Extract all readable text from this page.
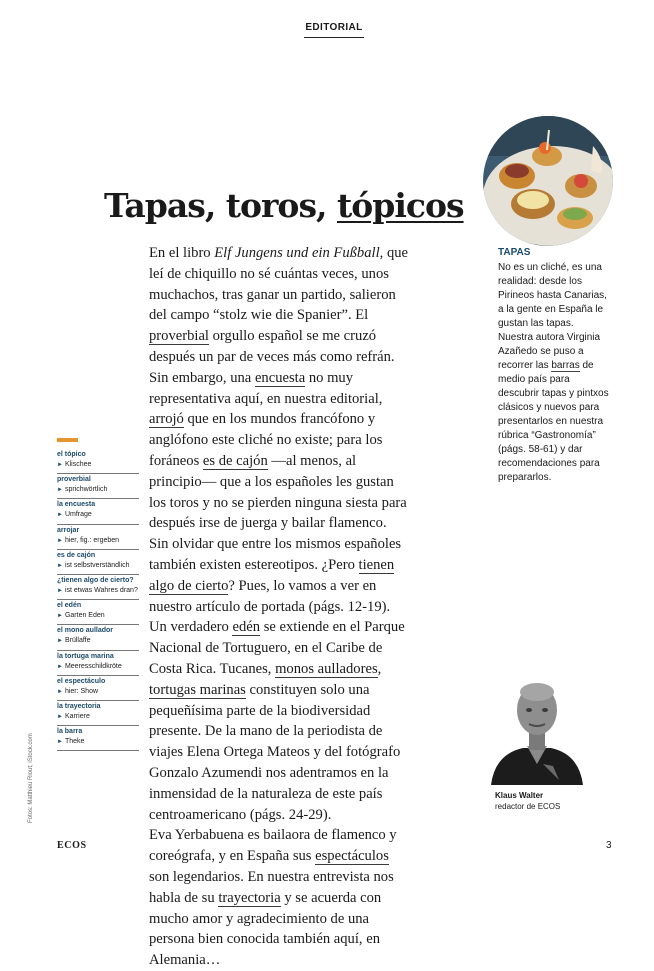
EDITORIAL
Tapas, toros, tópicos

En el libro Elf Jungens und ein Fußball, que leí de chiquillo no sé cuántas veces, unos muchachos, tras ganar un partido, salieron del campo “stolz wie die Spanier”. El proverbial orgullo español se me cruzó después un par de veces más como refrán. Sin embargo, una encuesta no muy representativa aquí, en nuestra editorial, arrojó que en los mundos francófono y anglófono este cliché no existe; para los foráneos es de cajón —al menos, al principio— que a los españoles les gustan los toros y no se pierden ninguna siesta para después irse de juerga y bailar flamenco.

Sin olvidar que entre los mismos españoles también existen estereotipos. ¿Pero tienen algo de cierto? Pues, lo vamos a ver en nuestro artículo de portada (págs. 12-19).

Un verdadero edén se extiende en el Parque Nacional de Tortuguero, en el Caribe de Costa Rica. Tucanes, monos aulladores, tortugas marinas constituyen solo una pequeñísima parte de la biodiversidad presente. De la mano de la periodista de viajes Elena Ortega Mateos y del fotógrafo Gonzalo Azumendi nos adentramos en la inmensidad de la naturaleza de este país centroamericano (págs. 24-29).

Eva Yerbabuena es bailaora de flamenco y coreógrafa, y en España sus espectáculos son legendarios. En nuestra entrevista nos habla de su trayectoria y se acuerda con mucho amor y agradecimiento de una persona bien conocida también aquí, en Alemania…

TAPAS

No es un cliché, es una realidad: desde los Pirineos hasta Canarias, a la gente en España le gustan las tapas. Nuestra autora Virginia Azañedo se puso a recorrer las barras de medio país para descubrir tapas y pintxos clásicos y nuevos para presentarlos en nuestra rúbrica “Gastronomía” (págs. 58-61) y dar recomendaciones para prepararlos.

el tópico
► Klischee
proverbial
► sprichwörtlich
la encuesta
► Umfrage
arrojar
► hier, fig.: ergeben
es de cajón
► ist selbstverständlich
¿tienen algo de cierto?
► ist etwas Wahres dran?
el edén
► Garten Eden
el mono aullador
► Brüllaffe
la tortuga marina
► Meeresschildkröte
el espectáculo
► hier: Show
la trayectoria
► Karriere
la barra
► Theke
Klaus Walter
redactor de ECOS
Fotos: Matthieu Riout; iStock.com
ECOS	3
